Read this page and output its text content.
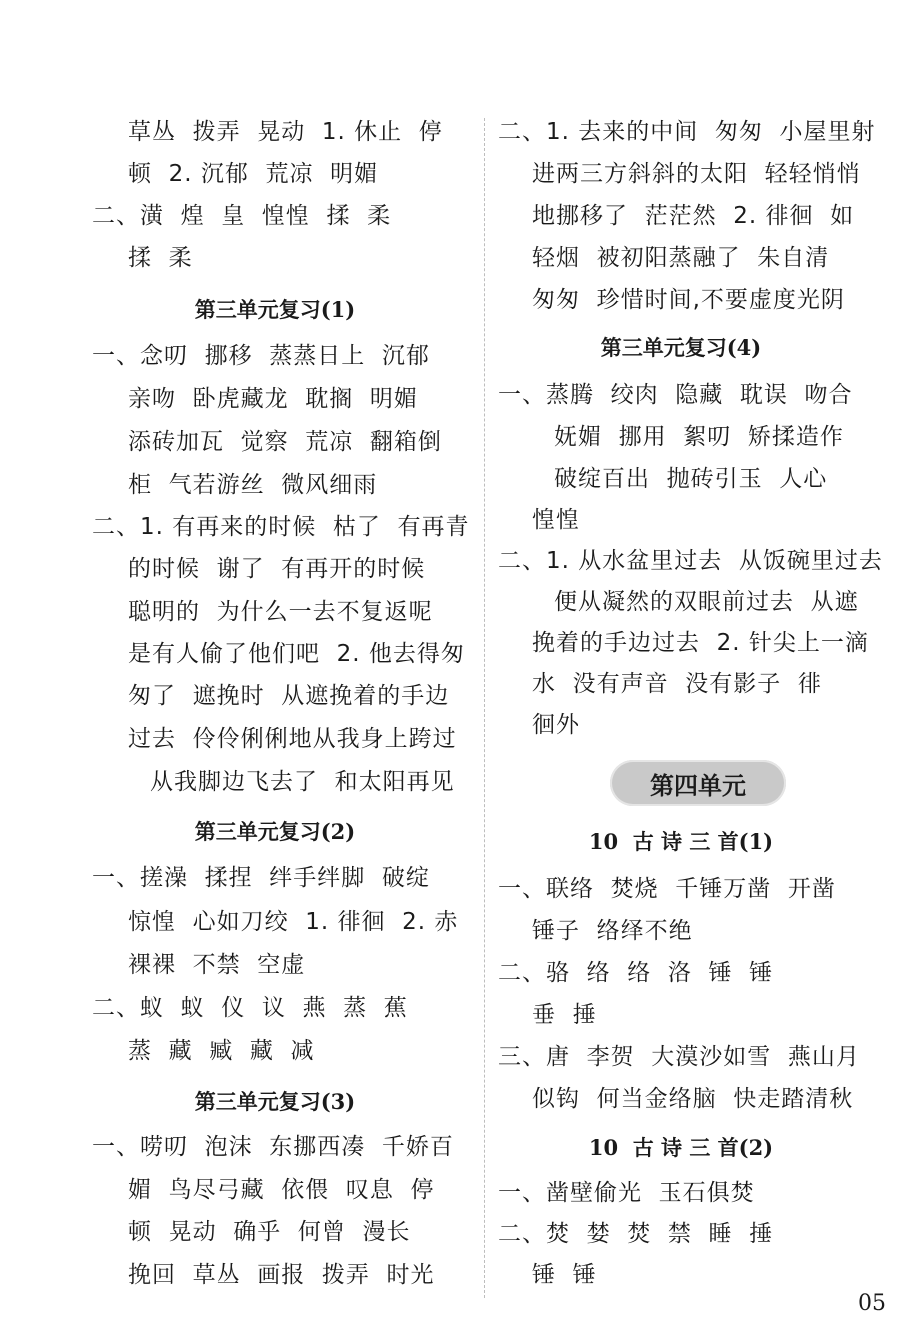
草丛  拨弄  晃动  1. 休止  停
顿  2. 沉郁  荒凉  明媚
二、潢  煌  皇  惶惶  揉  柔
揉  柔
第三单元复习(1)
一、念叨  挪移  蒸蒸日上  沉郁
亲吻  卧虎藏龙  耽搁  明媚
添砖加瓦  觉察  荒凉  翻箱倒
柜  气若游丝  微风细雨
二、1. 有再来的时候  枯了  有再青
的时候  谢了  有再开的时候
聪明的  为什么一去不复返呢
是有人偷了他们吧  2. 他去得匆
匆了  遮挽时  从遮挽着的手边
过去  伶伶俐俐地从我身上跨过
从我脚边飞去了  和太阳再见
第三单元复习(2)
一、搓澡  揉捏  绊手绊脚  破绽
惊惶  心如刀绞  1. 徘徊  2. 赤
裸裸  不禁  空虚
二、蚁  蚁  仪  议  燕  蒸  蕉
蒸  藏  臧  藏  减
第三单元复习(3)
一、唠叨  泡沫  东挪西凑  千娇百
媚  鸟尽弓藏  依偎  叹息  停
顿  晃动  确乎  何曾  漫长
挽回  草丛  画报  拨弄  时光
二、1. 去来的中间  匆匆  小屋里射
进两三方斜斜的太阳  轻轻悄悄
地挪移了  茫茫然  2. 徘徊  如
轻烟  被初阳蒸融了  朱自清
匆匆  珍惜时间,不要虚度光阴
第三单元复习(4)
一、蒸腾  绞肉  隐藏  耽误  吻合
妩媚  挪用  絮叨  矫揉造作
破绽百出  抛砖引玉  人心
惶惶
二、1. 从水盆里过去  从饭碗里过去
便从凝然的双眼前过去  从遮
挽着的手边过去  2. 针尖上一滴
水  没有声音  没有影子  徘
徊外
第四单元
10  古 诗 三 首(1)
一、联络  焚烧  千锤万凿  开凿
锤子  络绎不绝
二、骆  络  络  洛  锤  锤
垂  捶
三、唐  李贺  大漠沙如雪  燕山月
似钩  何当金络脑  快走踏清秋
10  古 诗 三 首(2)
一、凿壁偷光  玉石俱焚
二、焚  婪  焚  禁  睡  捶
锤  锤
05
